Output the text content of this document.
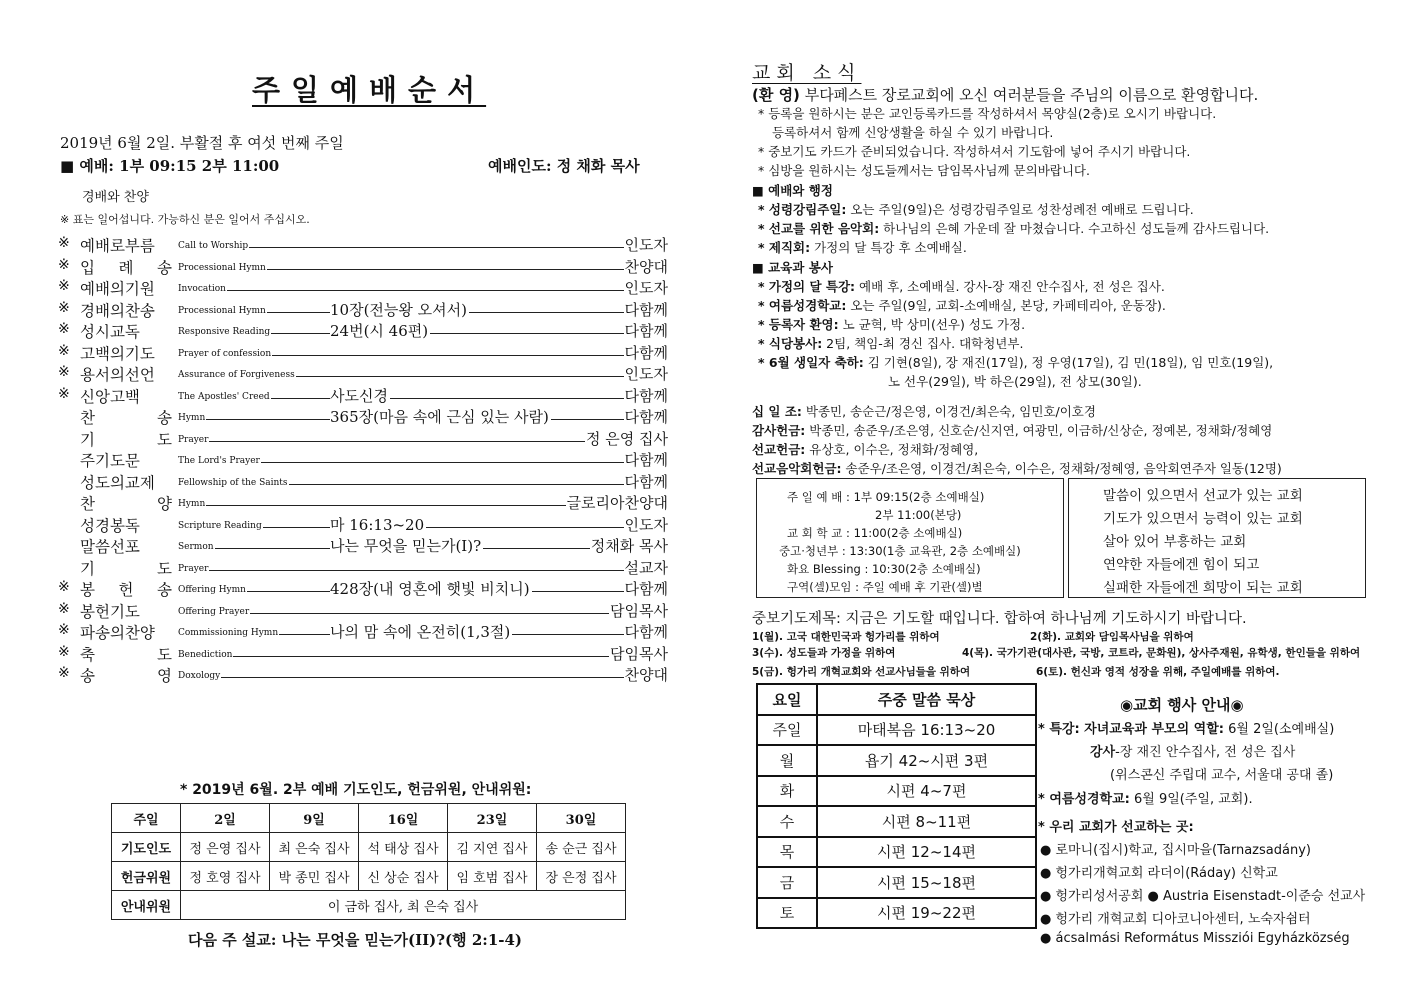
주일예배순서
2019년 6월 2일. 부활절 후 여섯 번째 주일
■ 예배: 1부 09:15 2부 11:00	예배인도: 정 채화 목사
경배와 찬양
※ 표는 일어섭니다. 가능하신 분은 일어서 주십시오.
※ 예배로부름	Call to Worship	인도자
※ 입 례 송 Processional Hymn	찬양대
※ 예배의기원	Invocation	인도자
※ 경배의찬송	Processional Hymn	10장(전능왕 오셔서)	다함께
※ 성시교독	Responsive Reading	24번(시 46편)	다함께
※ 고백의기도	Prayer of confession	다함께
※ 용서의선언	Assurance of Forgiveness	인도자
※ 신앙고백	The Apostles' Creed	사도신경	다함께
찬 송 Hymn	365장(마음 속에 근심 있는 사람)	다함께
기 도 Prayer	정 은영 집사
주기도문	The Lord's Prayer	다함께
성도의교제	Fellowship of the Saints	다함께
찬 양 Hymn	글로리아찬양대
성경봉독	Scripture Reading	마 16:13~20	인도자
말씀선포	Sermon	나는 무엇을 믿는가(I)?	정채화 목사
기 도 Prayer	설교자
※ 봉 헌 송 Offering Hymn	428장(내 영혼에 햇빛 비치니)	다함께
※ 봉헌기도	Offering Prayer	담임목사
※ 파송의찬양	Commissioning Hymn	나의 맘 속에 온전히(1,3절)	다함께
※ 축 도 Benediction	담임목사
※ 송 영 Doxology	찬양대
* 2019년 6월. 2부 예배 기도인도, 헌금위원, 안내위원:
주일	2일	9일	16일	23일	30일
기도인도	정 은영 집사	최 은숙 집사	석 태상 집사	김 지연 집사	송 순근 집사
헌금위원	정 호영 집사	박 종민 집사	신 상순 집사	임 호범 집사	장 은정 집사
안내위원	이 금하 집사, 최 은숙 집사				
다음 주 설교: 나는 무엇을 믿는가(II)?(행 2:1-4)
교회 소식
(환 영) 부다페스트 장로교회에 오신 여러분들을 주님의 이름으로 환영합니다.
* 등록을 원하시는 분은 교인등록카드를 작성하셔서 목양실(2층)로 오시기 바랍니다.
등록하셔서 함께 신앙생활을 하실 수 있기 바랍니다.
* 중보기도 카드가 준비되었습니다. 작성하셔서 기도함에 넣어 주시기 바랍니다.
* 심방을 원하시는 성도들께서는 담임목사님께 문의바랍니다.
■ 예배와 행정
* 성령강림주일: 오는 주일(9일)은 성령강림주일로 성찬성례전 예배로 드립니다.
* 선교를 위한 음악회: 하나님의 은혜 가운데 잘 마쳤습니다. 수고하신 성도들께 감사드립니다.
* 제직회: 가정의 달 특강 후 소예배실.
■ 교육과 봉사
* 가정의 달 특강: 예배 후, 소예배실. 강사-장 재진 안수집사, 전 성은 집사.
* 여름성경학교: 오는 주일(9일, 교회-소예배실, 본당, 카페테리아, 운동장).
* 등록자 환영: 노 균혁, 박 상미(선우) 성도 가정.
* 식당봉사: 2팀, 책임-최 경신 집사. 대학청년부.
* 6월 생일자 축하: 김 기현(8일), 장 재진(17일), 정 우영(17일), 김 민(18일), 임 민호(19일),
노 선우(29일), 박 하은(29일), 전 상모(30일).
십 일 조: 박종민, 송순근/정은영, 이경건/최은숙, 임민호/이호경
감사헌금: 박종민, 송준우/조은영, 신호순/신지연, 여광민, 이금하/신상순, 정예본, 정채화/정혜영
선교헌금: 유상호, 이수은, 정채화/정혜영,
선교음악회헌금: 송준우/조은영, 이경건/최은숙, 이수은, 정채화/정혜영, 음악회연주자 일동(12명)
주 일 예 배 : 1부 09:15(2층 소예배실)
2부 11:00(본당)
교 회 학 교 : 11:00(2층 소예배실)
중고·청년부 : 13:30(1층 교육관, 2층 소예배실)
화요 Blessing : 10:30(2층 소예배실)
구역(셀)모임 : 주일 예배 후 기관(셀)별
말씀이 있으면서 선교가 있는 교회
기도가 있으면서 능력이 있는 교회
살아 있어 부흥하는 교회
연약한 자들에겐 힘이 되고
실패한 자들에겐 희망이 되는 교회
중보기도제목: 지금은 기도할 때입니다. 합하여 하나님께 기도하시기 바랍니다.
1(월). 고국 대한민국과 헝가리를 위하여	2(화). 교회와 담임목사님을 위하여
3(수). 성도들과 가정을 위하여	4(목). 국가기관(대사관, 국방, 코트라, 문화원), 상사주재원, 유학생, 한인들을 위하여
5(금). 헝가리 개혁교회와 선교사님들을 위하여	6(토). 헌신과 영적 성장을 위해, 주일예배를 위하여.
요일	주중 말씀 묵상
주일	마태복음 16:13~20
월	욥기 42~시편 3편
화	시편 4~7편
수	시편 8~11편
목	시편 12~14편
금	시편 15~18편
토	시편 19~22편
◉교회 행사 안내◉
* 특강: 자녀교육과 부모의 역할: 6월 2일(소예배실)
강사-장 재진 안수집사, 전 성은 집사
(위스콘신 주립대 교수, 서울대 공대 졸)
* 여름성경학교: 6월 9일(주일, 교회).
* 우리 교회가 선교하는 곳:
● 로마니(집시)학교, 집시마을(Tarnazsadány)
● 헝가리개혁교회 라더이(Ráday) 신학교
● 헝가리성서공회 ● Austria Eisenstadt-이준승 선교사
● 헝가리 개혁교회 디아코니아센터, 노숙자쉼터
● ácsalmási Református Missziói Egyházközség
